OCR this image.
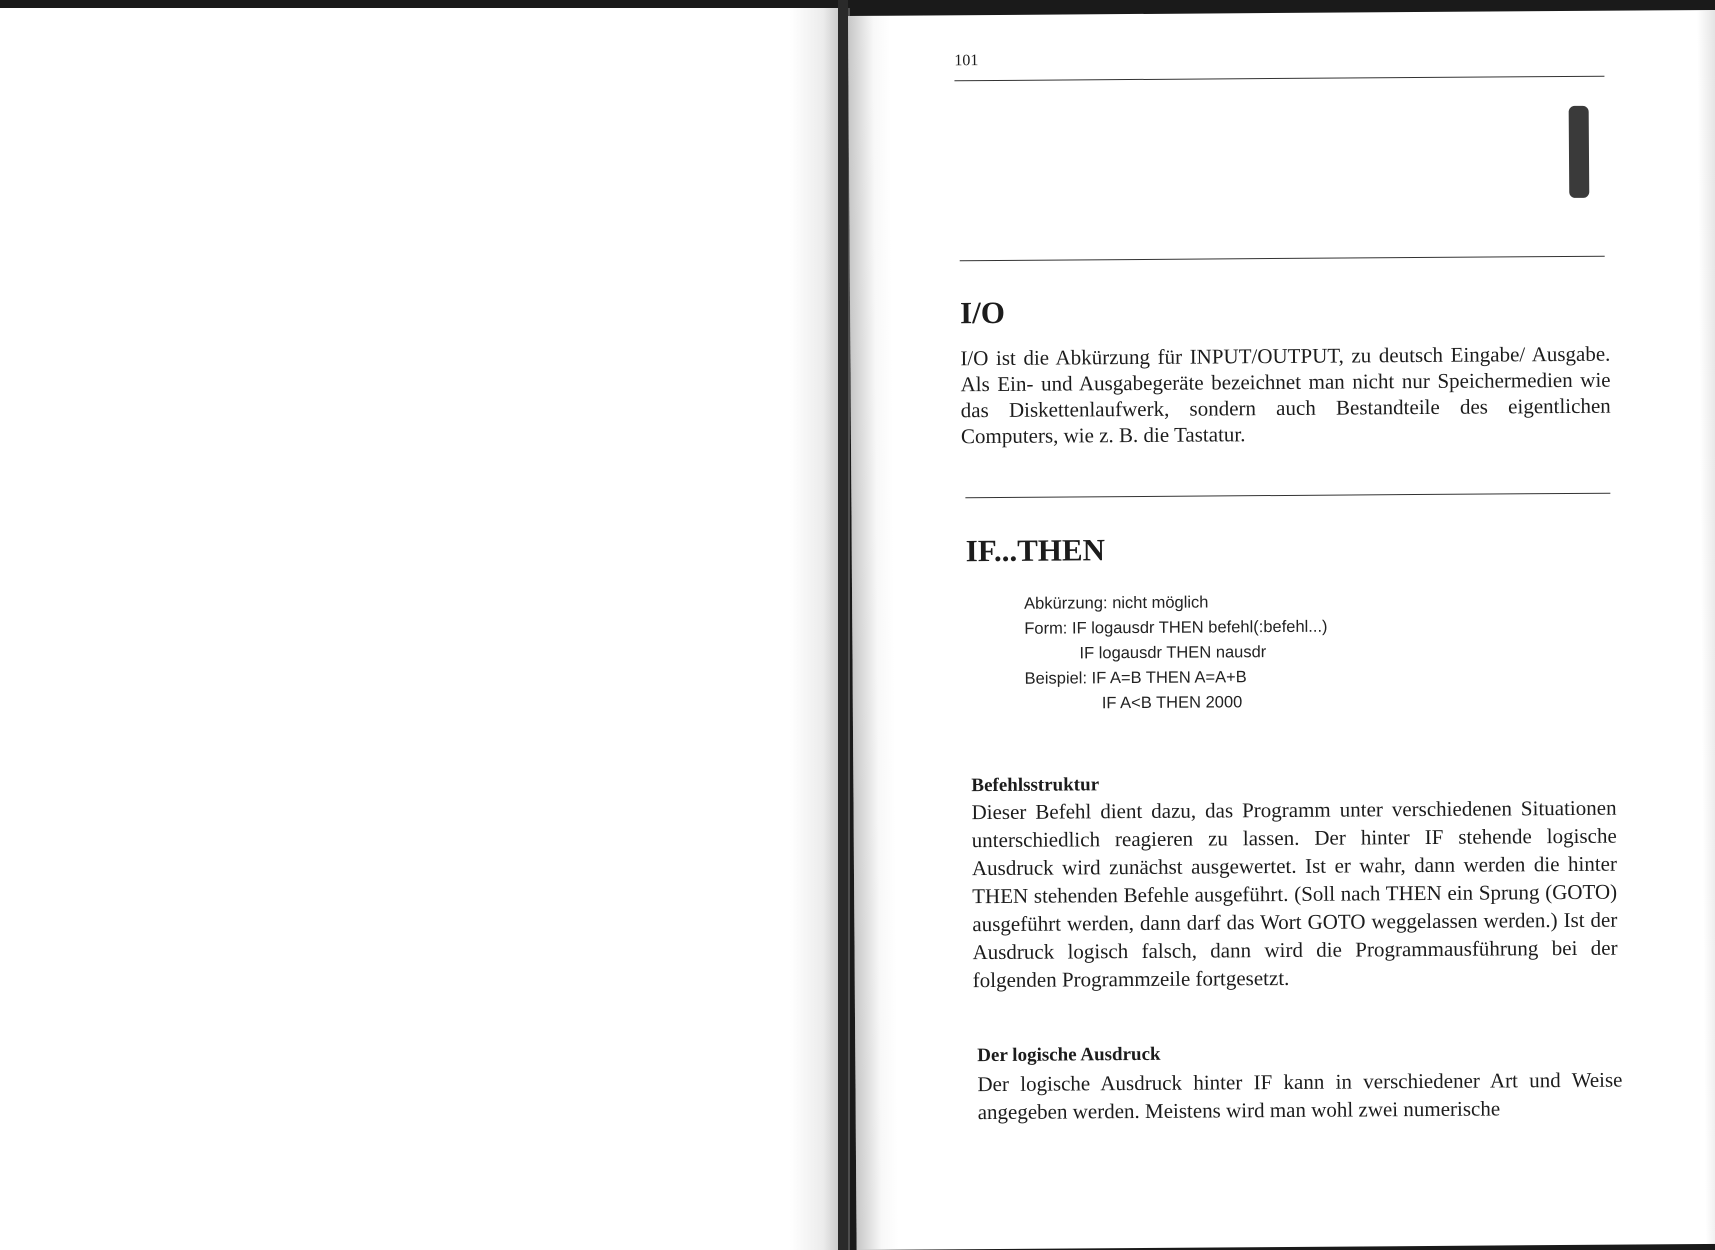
101
I/O

I/O ist die Abkürzung für INPUT/OUTPUT, zu deutsch Eingabe/ Ausgabe. Als Ein- und Ausgabegeräte bezeichnet man nicht nur Speichermedien wie das Diskettenlaufwerk, sondern auch Bestandteile des eigentlichen Computers, wie z. B. die Tastatur.

IF...THEN
Abkürzung: nicht möglich
Form: IF logausdr THEN befehl(:befehl...)
IF logausdr THEN nausdr
Beispiel: IF A=B THEN A=A+B
IF A<B THEN 2000
Befehlsstruktur

Dieser Befehl dient dazu, das Programm unter verschiedenen Situationen unterschiedlich reagieren zu lassen. Der hinter IF stehende logische Ausdruck wird zunächst ausgewertet. Ist er wahr, dann werden die hinter THEN stehenden Befehle ausgeführt. (Soll nach THEN ein Sprung (GOTO) ausgeführt werden, dann darf das Wort GOTO weggelassen werden.) Ist der Ausdruck logisch falsch, dann wird die Programmausführung bei der folgenden Programmzeile fortgesetzt.

Der logische Ausdruck

Der logische Ausdruck hinter IF kann in verschiedener Art und Weise angegeben werden. Meistens wird man wohl zwei numerische
